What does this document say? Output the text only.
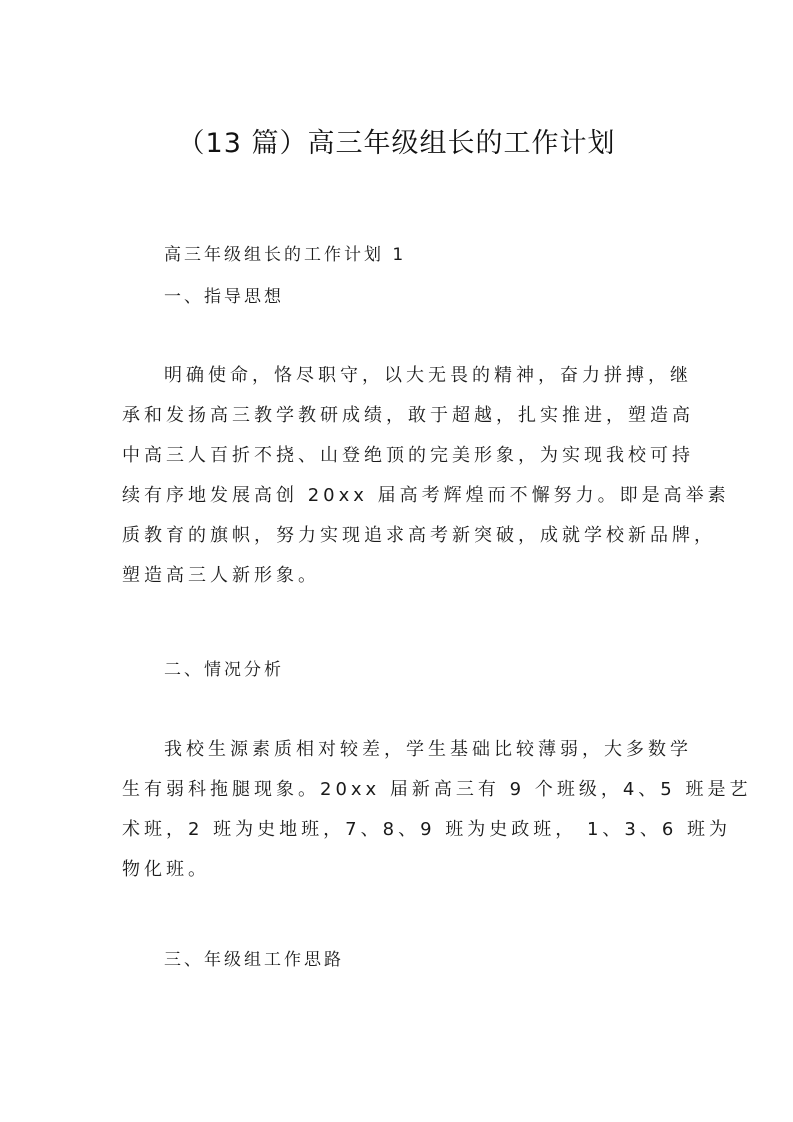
（13 篇）高三年级组长的工作计划
高三年级组长的工作计划 1
一、指导思想
明确使命，恪尽职守，以大无畏的精神，奋力拼搏，继
承和发扬高三教学教研成绩，敢于超越，扎实推进，塑造高
中高三人百折不挠、山登绝顶的完美形象，为实现我校可持
续有序地发展高创 20xx 届高考辉煌而不懈努力。即是高举素
质教育的旗帜，努力实现追求高考新突破，成就学校新品牌，
塑造高三人新形象。
二、情况分析
我校生源素质相对较差，学生基础比较薄弱，大多数学
生有弱科拖腿现象。20xx 届新高三有 9 个班级，4、5 班是艺
术班，2 班为史地班，7、8、9 班为史政班， 1、3、6 班为
物化班。
三、年级组工作思路
